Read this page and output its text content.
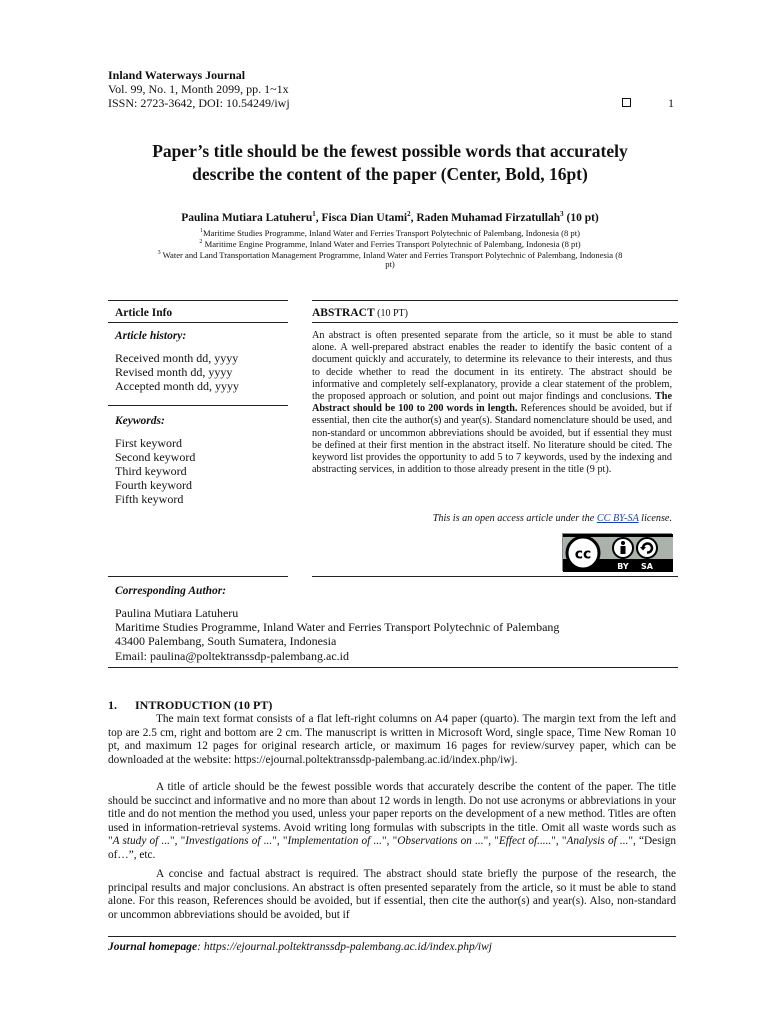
Inland Waterways Journal
Vol. 99, No. 1, Month 2099, pp. 1~1x
ISSN: 2723-3642, DOI: 10.54249/iwj	1
Paper’s title should be the fewest possible words that accurately
describe the content of the paper (Center, Bold, 16pt)
Paulina Mutiara Latuheru$^1$, Fisca Dian Utami$^2$, Raden Muhamad Firzatullah$^3$ (10 pt)
$^1$Maritime Studies Programme, Inland Water and Ferries Transport Polytechnic of Palembang, Indonesia (8 pt)
$^2$ Maritime Engine Programme, Inland Water and Ferries Transport Polytechnic of Palembang, Indonesia (8 pt)
$^3$ Water and Land Transportation Management Programme, Inland Water and Ferries Transport Polytechnic of Palembang, Indonesia (8
pt)
Article Info
Article history:
Received month dd, yyyy
Revised month dd, yyyy
Accepted month dd, yyyy
Keywords:
First keyword
Second keyword
Third keyword
Fourth keyword
Fifth keyword
ABSTRACT (10 PT)
An abstract is often presented separate from the article, so it must be able to stand alone. A well-prepared abstract enables the reader to identify the basic content of a document quickly and accurately, to determine its relevance to their interests, and thus to decide whether to read the document in its entirety. The abstract should be informative and completely self-explanatory, provide a clear statement of the problem, the proposed approach or solution, and point out major findings and conclusions. The Abstract should be 100 to 200 words in length. References should be avoided, but if essential, then cite the author(s) and year(s). Standard nomenclature should be used, and non-standard or uncommon abbreviations should be avoided, but if essential they must be defined at their first mention in the abstract itself. No literature should be cited. The keyword list provides the opportunity to add 5 to 7 keywords, used by the indexing and abstracting services, in addition to those already present in the title (9 pt).
This is an open access article under the CC BY-SA license.
cc
BY SA
Corresponding Author:
Paulina Mutiara Latuheru
Maritime Studies Programme, Inland Water and Ferries Transport Polytechnic of Palembang
43400 Palembang, South Sumatera, Indonesia
Email: paulina@poltektranssdp-palembang.ac.id
1.      INTRODUCTION (10 PT)
The main text format consists of a flat left-right columns on A4 paper (quarto). The margin text from the left and top are 2.5 cm, right and bottom are 2 cm. The manuscript is written in Microsoft Word, single space, Time New Roman 10 pt, and maximum 12 pages for original research article, or maximum 16 pages for review/survey paper, which can be downloaded at the website: https://ejournal.poltektranssdp-palembang.ac.id/index.php/iwj.
A title of article should be the fewest possible words that accurately describe the content of the paper. The title should be succinct and informative and no more than about 12 words in length. Do not use acronyms or abbreviations in your title and do not mention the method you used, unless your paper reports on the development of a new method. Titles are often used in information-retrieval systems. Avoid writing long formulas with subscripts in the title. Omit all waste words such as "A study of ...", "Investigations of ...", "Implementation of ...", "Observations on ...", "Effect of.....", "Analysis of ...", “Design of…”, etc.
A concise and factual abstract is required. The abstract should state briefly the purpose of the research, the principal results and major conclusions. An abstract is often presented separately from the article, so it must be able to stand alone. For this reason, References should be avoided, but if essential, then cite the author(s) and year(s). Also, non-standard or uncommon abbreviations should be avoided, but if
Journal homepage: https://ejournal.poltektranssdp-palembang.ac.id/index.php/iwj
